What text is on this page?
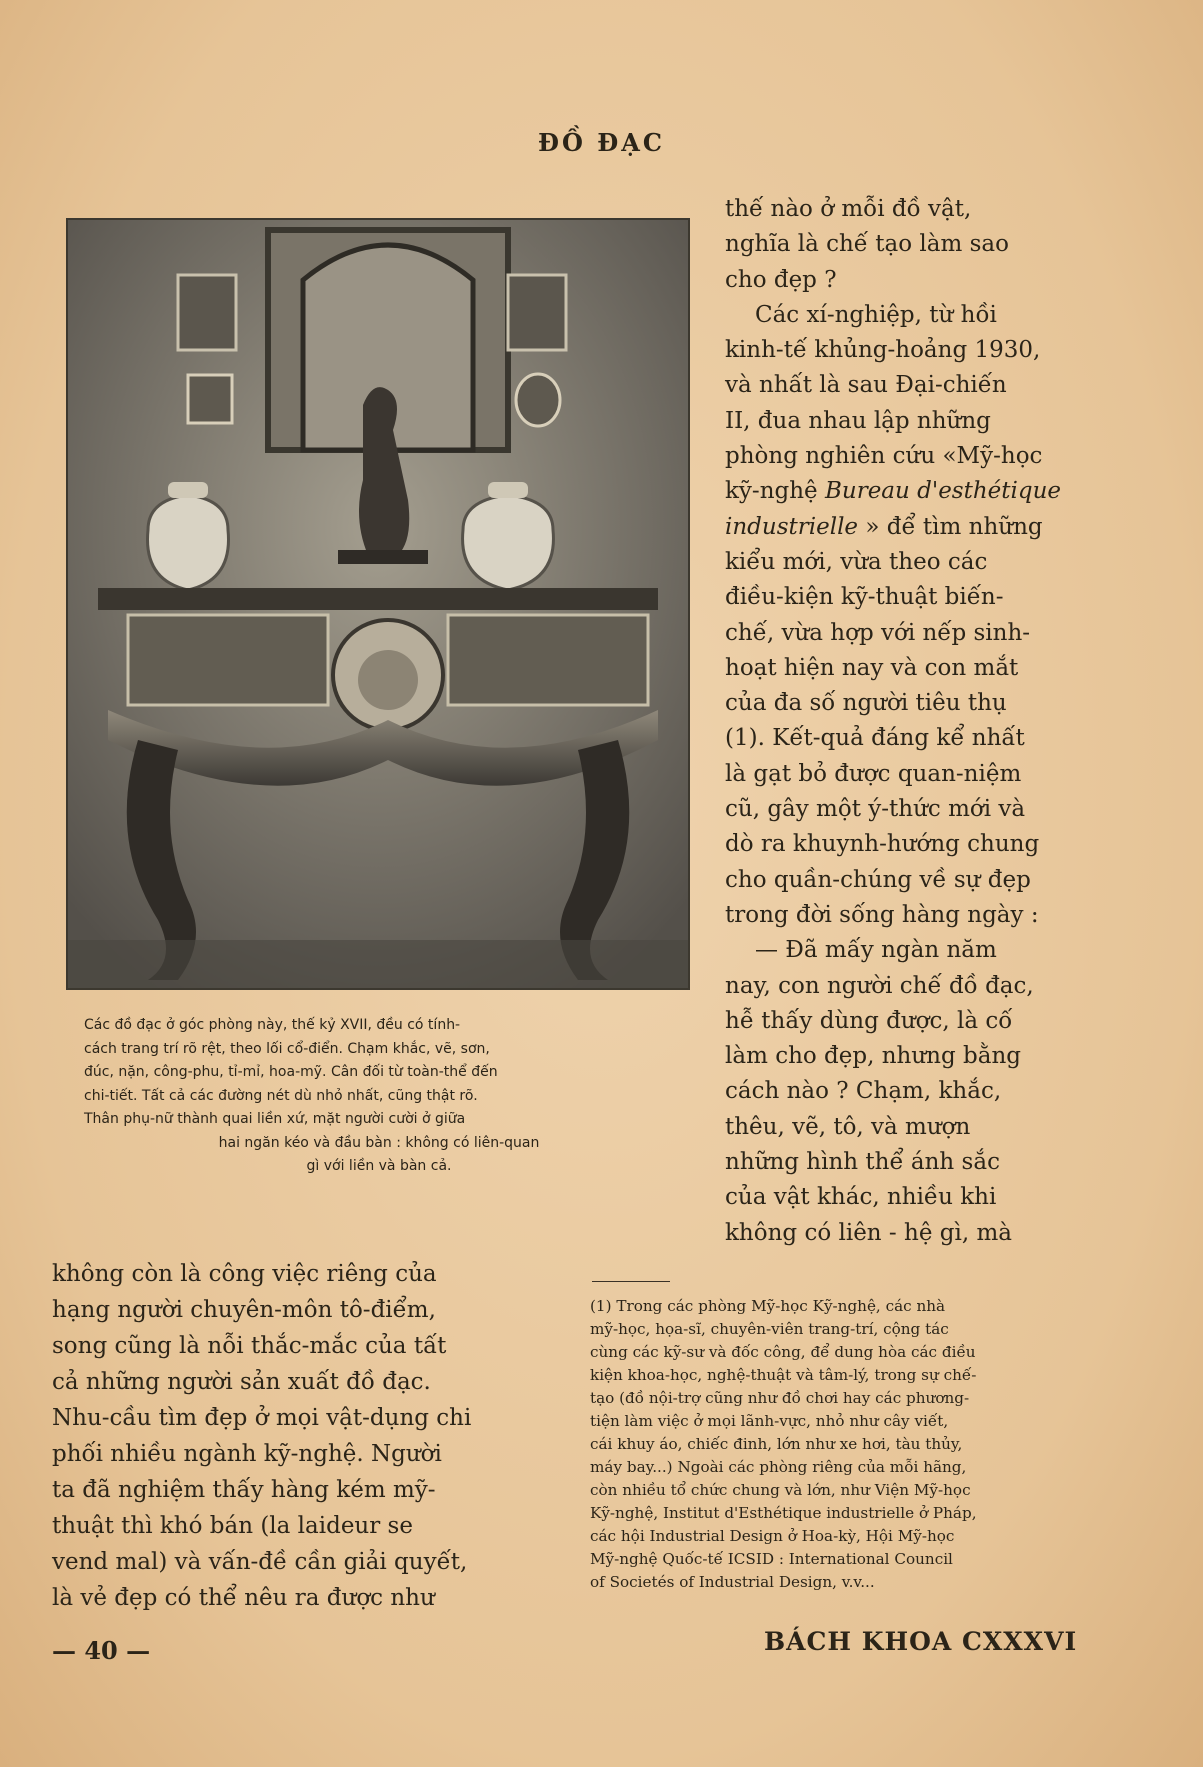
ĐỒ ĐẠC
Các đồ đạc ở góc phòng này, thế kỷ XVII, đều có tính-
cách trang trí rõ rệt, theo lối cổ-điển. Chạm khắc, vẽ, sơn,
đúc, nặn, công-phu, tỉ-mỉ, hoa-mỹ. Cân đối từ toàn-thể đến
chi-tiết. Tất cả các đường nét dù nhỏ nhất, cũng thật rõ.
Thân phụ-nữ thành quai liền xứ, mặt người cười ở giữa
hai ngăn kéo và đầu bàn : không có liên-quan
gì với liền và bàn cả.
thế nào ở mỗi đồ vật,
nghĩa là chế tạo làm sao
cho đẹp ?
Các xí-nghiệp, từ hồi
kinh-tế khủng-hoảng 1930,
và nhất là sau Đại-chiến
II, đua nhau lập những
phòng nghiên cứu «Mỹ-học
kỹ-nghệ Bureau d'esthétique
industrielle » để tìm những
kiểu mới, vừa theo các
điều-kiện kỹ-thuật biến-
chế, vừa hợp với nếp sinh-
hoạt hiện nay và con mắt
của đa số người tiêu thụ
(1). Kết-quả đáng kể nhất
là gạt bỏ được quan-niệm
cũ, gây một ý-thức mới và
dò ra khuynh-hướng chung
cho quần-chúng về sự đẹp
trong đời sống hàng ngày :
— Đã mấy ngàn năm
nay, con người chế đồ đạc,
hễ thấy dùng được, là cố
làm cho đẹp, nhưng bằng
cách nào ? Chạm, khắc,
thêu, vẽ, tô, và mượn
những hình thể ánh sắc
của vật khác, nhiều khi
không có liên - hệ gì, mà
không còn là công việc riêng của
hạng người chuyên-môn tô-điểm,
song cũng là nỗi thắc-mắc của tất
cả những người sản xuất đồ đạc.
Nhu-cầu tìm đẹp ở mọi vật-dụng chi
phối nhiều ngành kỹ-nghệ. Người
ta đã nghiệm thấy hàng kém mỹ-
thuật thì khó bán (la laideur se
vend mal) và vấn-đề cần giải quyết,
là vẻ đẹp có thể nêu ra được như
(1) Trong các phòng Mỹ-học Kỹ-nghệ, các nhà
mỹ-học, họa-sĩ, chuyên-viên trang-trí, cộng tác
cùng các kỹ-sư và đốc công, để dung hòa các điều
kiện khoa-học, nghệ-thuật và tâm-lý, trong sự chế-
tạo (đồ nội-trợ cũng như đồ chơi hay các phương-
tiện làm việc ở mọi lãnh-vực, nhỏ như cây viết,
cái khuy áo, chiếc đinh, lớn như xe hơi, tàu thủy,
máy bay...) Ngoài các phòng riêng của mỗi hãng,
còn nhiều tổ chức chung và lớn, như Viện Mỹ-học
Kỹ-nghệ, Institut d'Esthétique industrielle ở Pháp,
các hội Industrial Design ở Hoa-kỳ, Hội Mỹ-học
Mỹ-nghệ Quốc-tế ICSID : International Council
of Societés of Industrial Design, v.v...
— 40 —	BÁCH KHOA CXXXVI
